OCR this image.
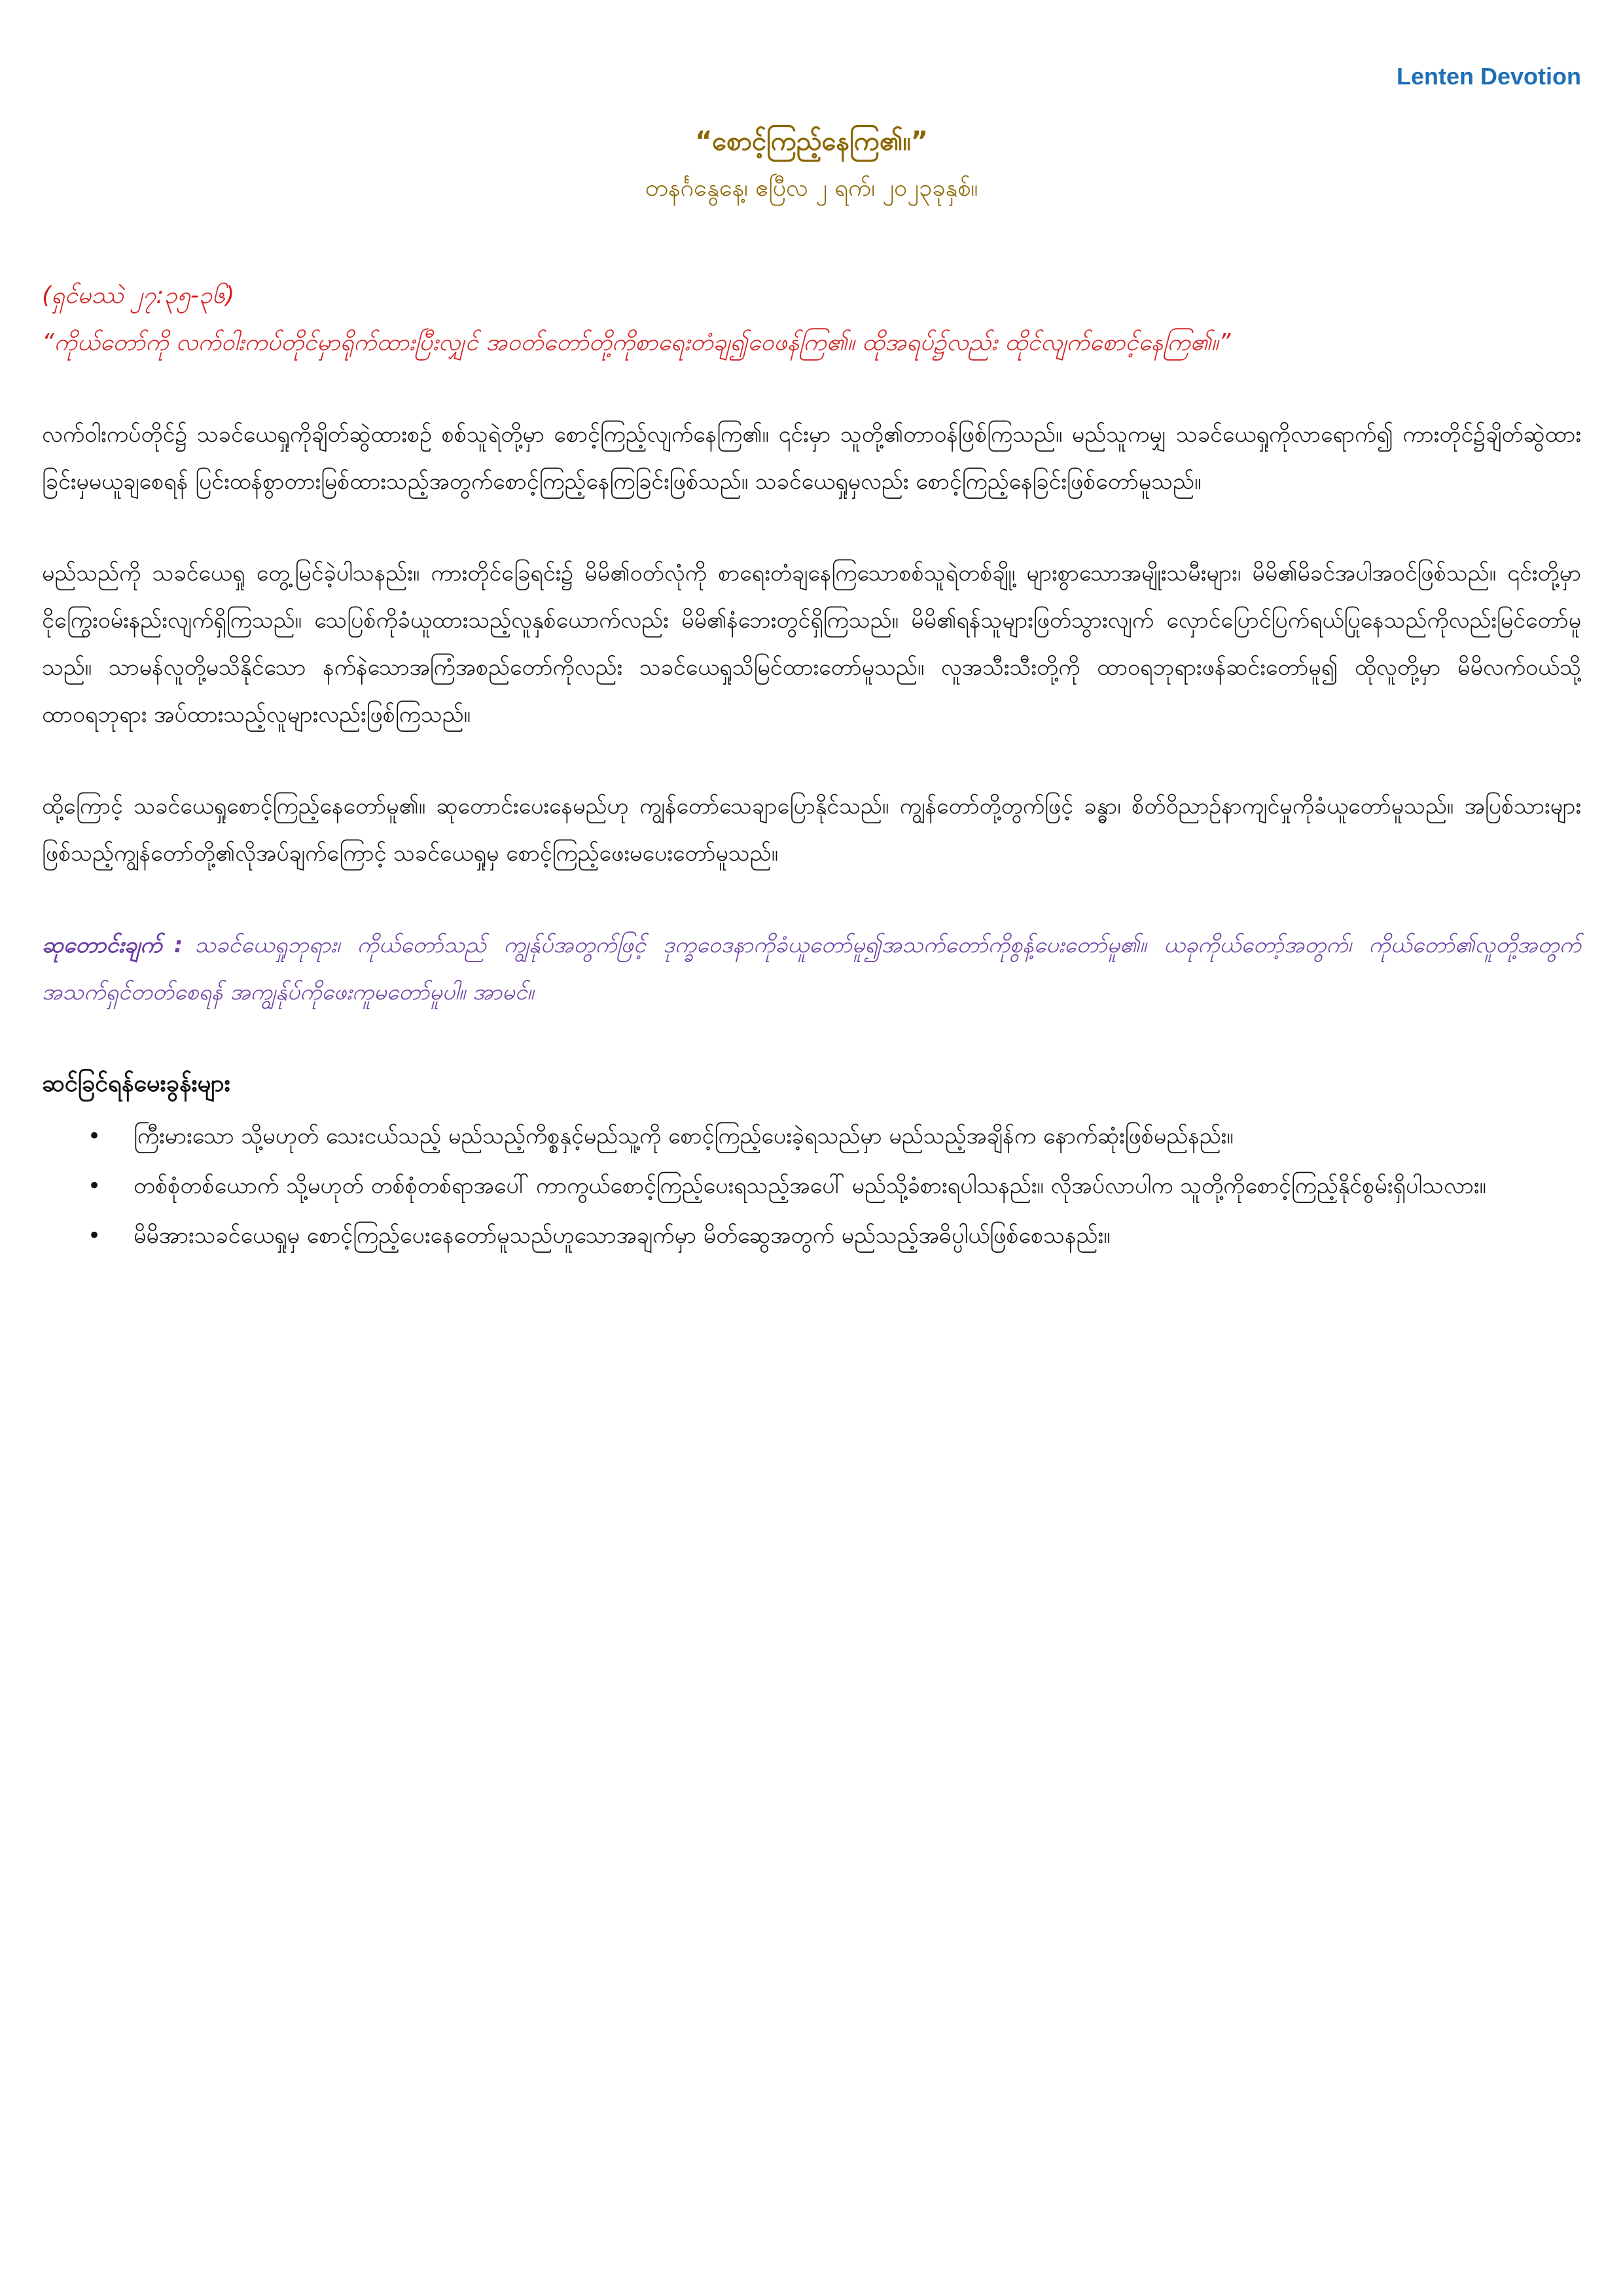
Lenten Devotion
“စောင့်ကြည့်နေကြ၏။”
တနင်္ဂနွေနေ့၊ ဧပြီလ ၂ ရက်၊ ၂၀၂၃ခုနှစ်။
(ရှင်မဿဲ ၂၇:၃၅-၃၆)
“ကိုယ်တော်ကို လက်ဝါးကပ်တိုင်မှာရိုက်ထားပြီးလျှင် အဝတ်တော်တို့ကိုစာရေးတံချ၍ဝေဖန်ကြ၏။ ထိုအရပ်၌လည်း ထိုင်လျက်စောင့်နေကြ၏။”
လက်ဝါးကပ်တိုင်၌ သခင်ယေရှုကိုချိတ်ဆွဲထားစဉ် စစ်သူရဲတို့မှာ စောင့်ကြည့်လျက်နေကြ၏။ ၎င်းမှာ သူတို့၏တာဝန်ဖြစ်ကြသည်။ မည်သူကမျှ သခင်ယေရှုကိုလာရောက်၍ ကားတိုင်၌ချိတ်ဆွဲထားခြင်းမှမယူချစေရန် ပြင်းထန်စွာတားမြစ်ထားသည့်အတွက်စောင့်ကြည့်နေကြခြင်းဖြစ်သည်။ သခင်ယေရှုမှလည်း စောင့်ကြည့်နေခြင်းဖြစ်တော်မူသည်။
မည်သည်ကို သခင်ယေရှု တွေ့မြင်ခဲ့ပါသနည်း။ ကားတိုင်ခြေရင်း၌ မိမိ၏ဝတ်လုံကို စာရေးတံချနေကြသောစစ်သူရဲတစ်ချို့၊ များစွာသောအမျိုးသမီးများ၊ မိမိ၏မိခင်အပါအဝင်ဖြစ်သည်။ ၎င်းတို့မှာ ငိုကြွေးဝမ်းနည်းလျက်ရှိကြသည်။ သေပြစ်ကိုခံယူထားသည့်လူနှစ်ယောက်လည်း မိမိ၏နံဘေးတွင်ရှိကြသည်။ မိမိ၏ရန်သူများဖြတ်သွားလျက် လှောင်ပြောင်ပြက်ရယ်ပြုနေသည်ကိုလည်းမြင်တော်မူသည်။ သာမန်လူတို့မသိနိုင်သော နက်နဲသောအကြံအစည်တော်ကိုလည်း သခင်ယေရှုသိမြင်ထားတော်မူသည်။ လူအသီးသီးတို့ကို ထာဝရဘုရားဖန်ဆင်းတော်မူ၍ ထိုလူတို့မှာ မိမိလက်ဝယ်သို့ ထာဝရဘုရား အပ်ထားသည့်လူများလည်းဖြစ်ကြသည်။
ထို့ကြောင့် သခင်ယေရှုစောင့်ကြည့်နေတော်မူ၏။ ဆုတောင်းပေးနေမည်ဟု ကျွန်တော်သေချာပြောနိုင်သည်။ ကျွန်တော်တို့တွက်ဖြင့် ခန္ဓာ၊ စိတ်ဝိညာဉ်နာကျင်မှုကိုခံယူတော်မူသည်။ အပြစ်သားများဖြစ်သည့်ကျွန်တော်တို့၏လိုအပ်ချက်ကြောင့် သခင်ယေရှုမှ စောင့်ကြည့်ဖေးမပေးတော်မူသည်။
ဆုတောင်းချက် : သခင်ယေရှုဘုရား၊ ကိုယ်တော်သည် ကျွန်ုပ်အတွက်ဖြင့် ဒုက္ခဝေဒနာကိုခံယူတော်မူ၍အသက်တော်ကိုစွန့်ပေးတော်မူ၏။ ယခုကိုယ်တော့်အတွက်၊ ကိုယ်တော်၏လူတို့အတွက် အသက်ရှင်တတ်စေရန် အကျွန်ုပ်ကိုဖေးကူမတော်မူပါ။ အာမင်။
ဆင်ခြင်ရန်မေးခွန်းများ
• ကြီးမားသော သို့မဟုတ် သေးငယ်သည့် မည်သည့်ကိစ္စနှင့်မည်သူ့ကို စောင့်ကြည့်ပေးခဲ့ရသည်မှာ မည်သည့်အချိန်က နောက်ဆုံးဖြစ်မည်နည်း။
• တစ်စုံတစ်ယောက် သို့မဟုတ် တစ်စုံတစ်ရာအပေါ် ကာကွယ်စောင့်ကြည့်ပေးရသည့်အပေါ် မည်သို့ခံစားရပါသနည်း။ လိုအပ်လာပါက သူတို့ကိုစောင့်ကြည့်နိုင်စွမ်းရှိပါသလား။
• မိမိအားသခင်ယေရှုမှ စောင့်ကြည့်ပေးနေတော်မူသည်ဟူသောအချက်မှာ မိတ်ဆွေအတွက် မည်သည့်အဓိပ္ပါယ်ဖြစ်စေသနည်း။
